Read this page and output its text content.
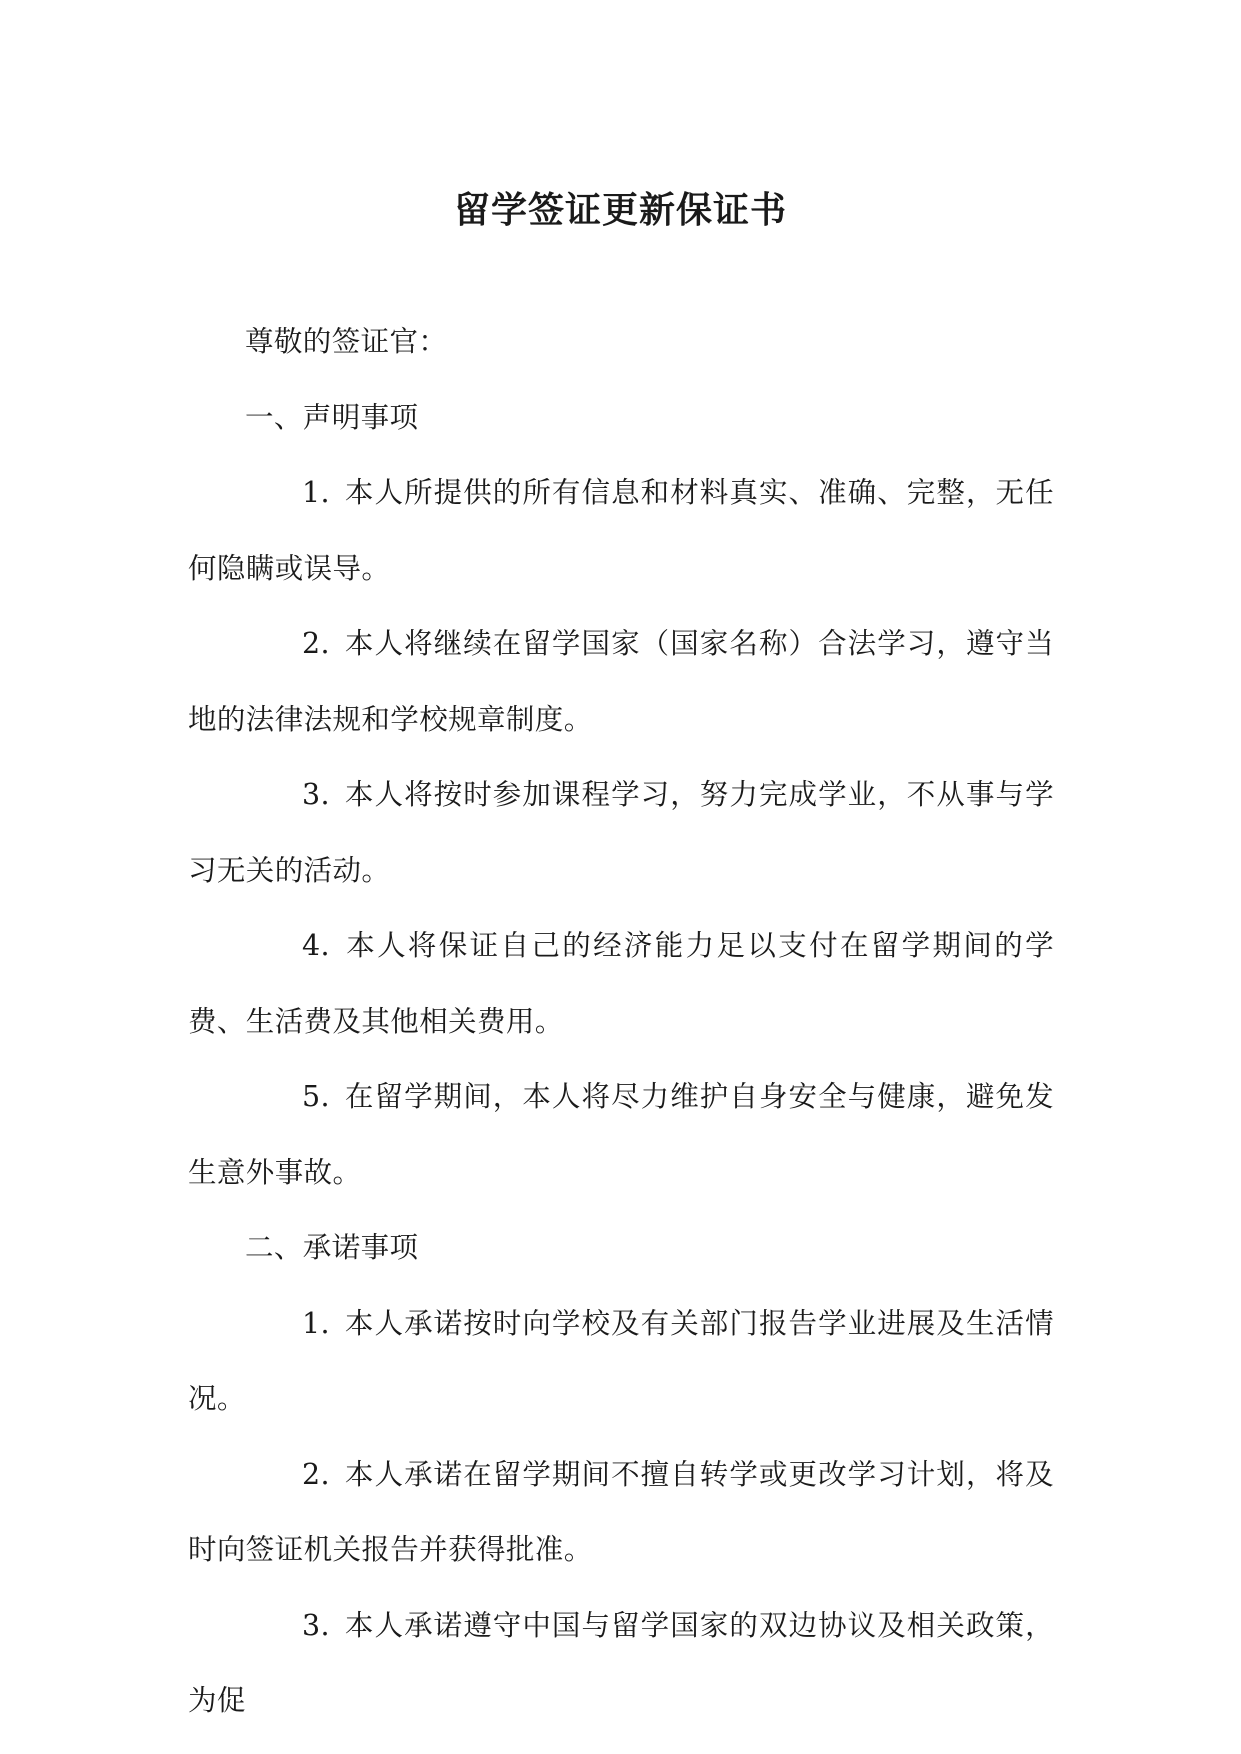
留学签证更新保证书

尊敬的签证官：

一、声明事项

1. 本人所提供的所有信息和材料真实、准确、完整，无任何隐瞒或误导。

2. 本人将继续在留学国家（国家名称）合法学习，遵守当地的法律法规和学校规章制度。

3. 本人将按时参加课程学习，努力完成学业，不从事与学习无关的活动。

4. 本人将保证自己的经济能力足以支付在留学期间的学费、生活费及其他相关费用。

5. 在留学期间，本人将尽力维护自身安全与健康，避免发生意外事故。

二、承诺事项

1. 本人承诺按时向学校及有关部门报告学业进展及生活情况。

2. 本人承诺在留学期间不擅自转学或更改学习计划，将及时向签证机关报告并获得批准。

3. 本人承诺遵守中国与留学国家的双边协议及相关政策，为促
